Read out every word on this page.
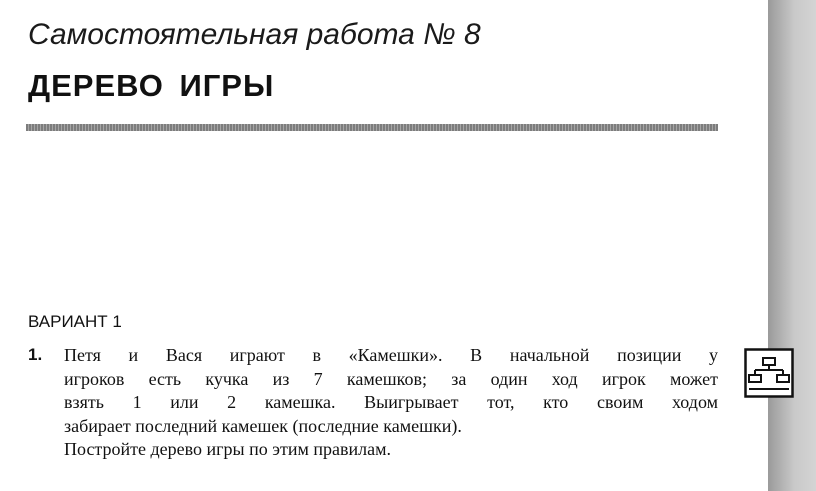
Самостоятельная работа № 8
ДЕРЕВО ИГРЫ
ВАРИАНТ 1
1. Петя и Вася играют в «Камешки». В начальной позиции у
игроков есть кучка из 7 камешков; за один ход игрок может
взять 1 или 2 камешка. Выигрывает тот, кто своим ходом
забирает последний камешек (последние камешки).
Постройте дерево игры по этим правилам.
